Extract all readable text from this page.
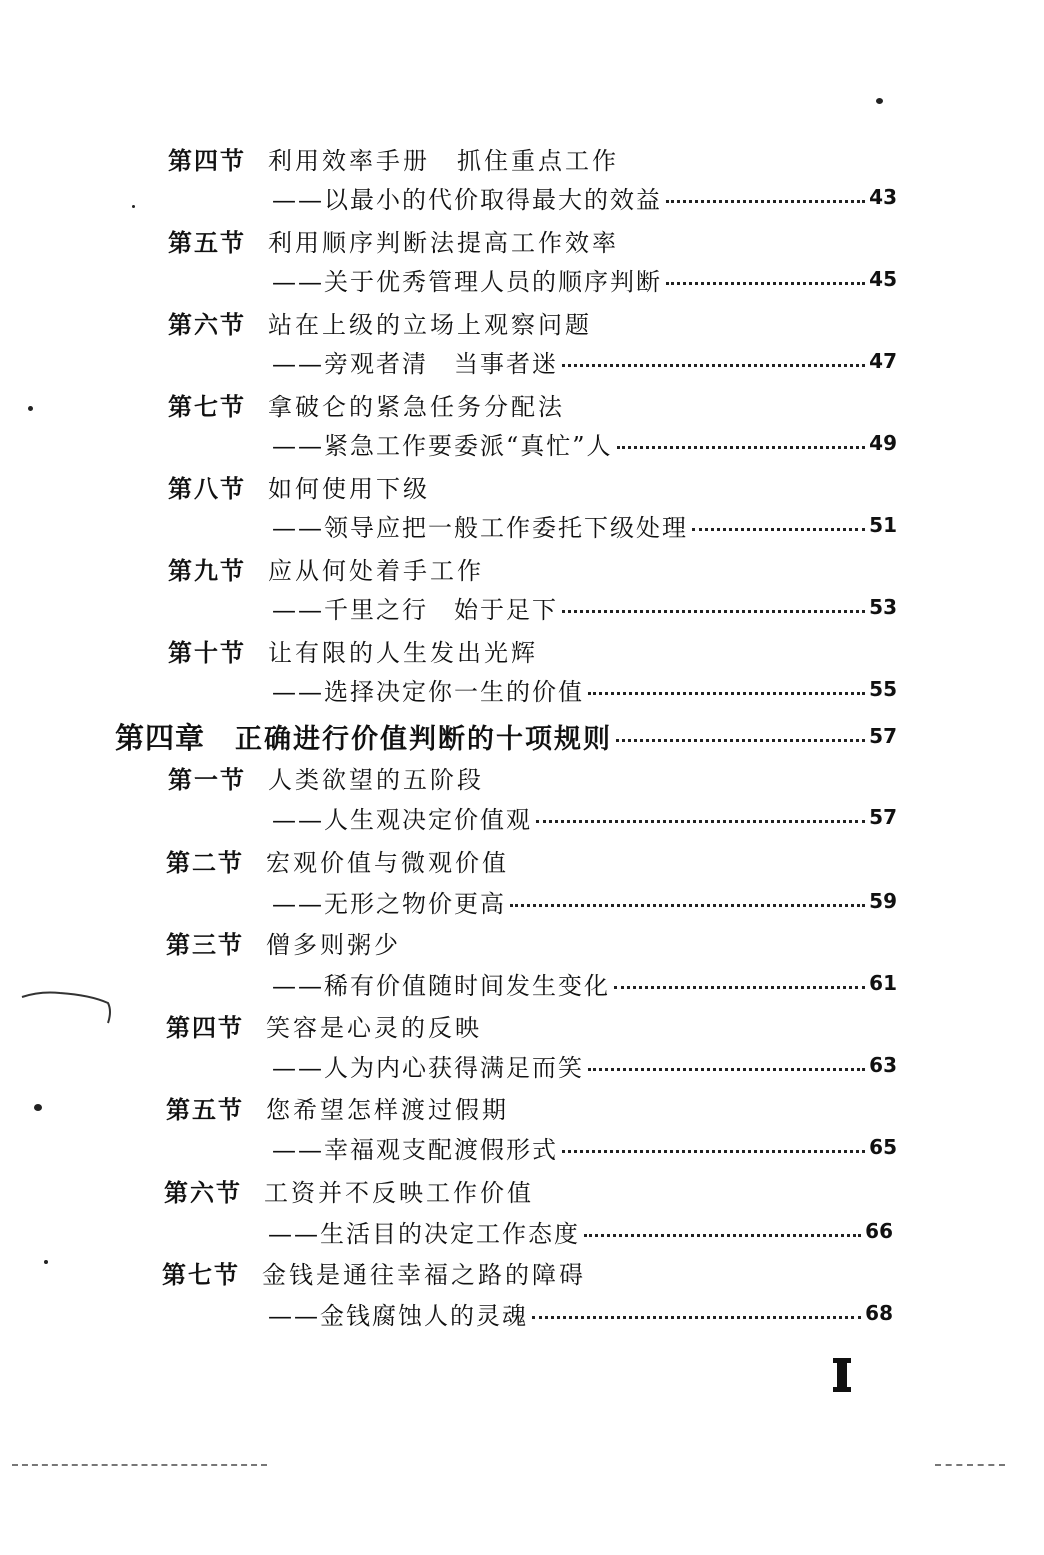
第四节 利用效率手册　抓住重点工作
——以最小的代价取得最大的效益	43
第五节 利用顺序判断法提高工作效率
——关于优秀管理人员的顺序判断	45
第六节 站在上级的立场上观察问题
——旁观者清　当事者迷	47
第七节 拿破仑的紧急任务分配法
——紧急工作要委派“真忙”人	49
第八节 如何使用下级
——领导应把一般工作委托下级处理	51
第九节 应从何处着手工作
——千里之行　始于足下	53
第十节 让有限的人生发出光辉
——选择决定你一生的价值	55
第四章 正确进行价值判断的十项规则	57
第一节 人类欲望的五阶段
——人生观决定价值观	57
第二节 宏观价值与微观价值
——无形之物价更高	59
第三节 僧多则粥少
——稀有价值随时间发生变化	61
第四节 笑容是心灵的反映
——人为内心获得满足而笑	63
第五节 您希望怎样渡过假期
——幸福观支配渡假形式	65
第六节 工资并不反映工作价值
——生活目的决定工作态度	66
第七节 金钱是通往幸福之路的障碍
——金钱腐蚀人的灵魂	68
